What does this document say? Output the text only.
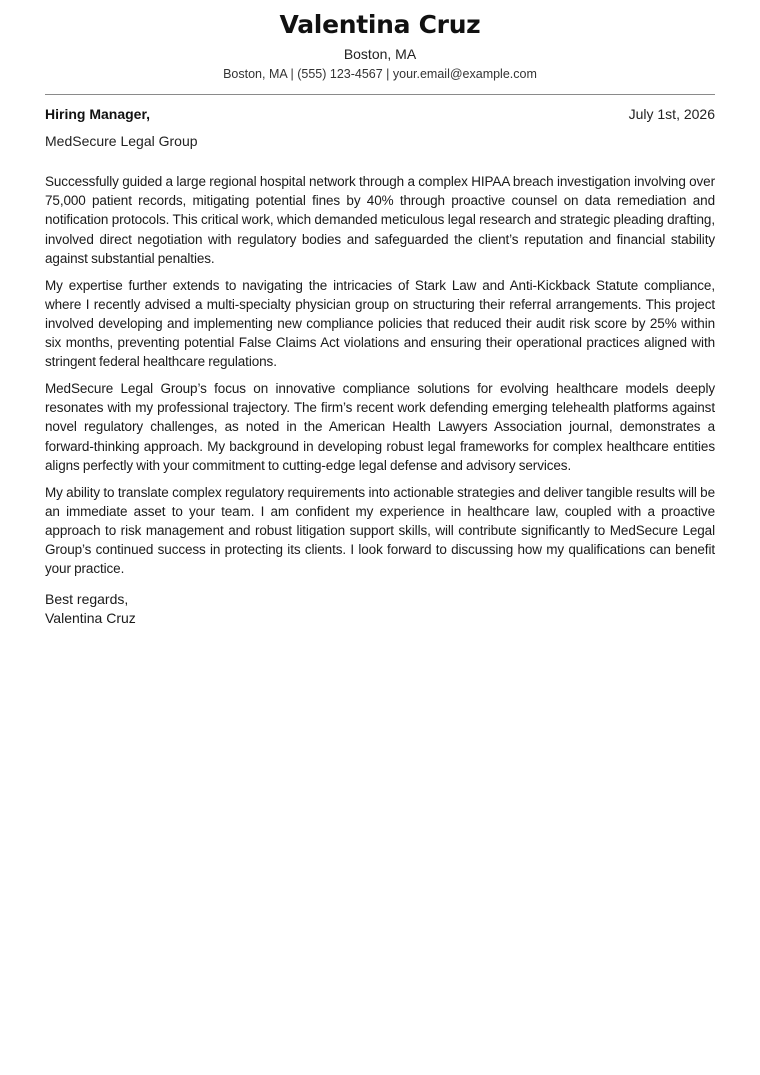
Valentina Cruz
Boston, MA
Boston, MA | (555) 123-4567 | your.email@example.com
Hiring Manager,	July 1st, 2026
MedSecure Legal Group

Successfully guided a large regional hospital network through a complex HIPAA breach investigation involving over 75,000 patient records, mitigating potential fines by 40% through proactive counsel on data remediation and notification protocols. This critical work, which demanded meticulous legal research and strategic pleading drafting, involved direct negotiation with regulatory bodies and safeguarded the client’s reputation and financial stability against substantial penalties.

My expertise further extends to navigating the intricacies of Stark Law and Anti-Kickback Statute compliance, where I recently advised a multi-specialty physician group on structuring their referral arrangements. This project involved developing and implementing new compliance policies that reduced their audit risk score by 25% within six months, preventing potential False Claims Act violations and ensuring their operational practices aligned with stringent federal healthcare regulations.

MedSecure Legal Group’s focus on innovative compliance solutions for evolving healthcare models deeply resonates with my professional trajectory. The firm’s recent work defending emerging telehealth platforms against novel regulatory challenges, as noted in the American Health Lawyers Association journal, demonstrates a forward-thinking approach. My background in developing robust legal frameworks for complex healthcare entities aligns perfectly with your commitment to cutting-edge legal defense and advisory services.

My ability to translate complex regulatory requirements into actionable strategies and deliver tangible results will be an immediate asset to your team. I am confident my experience in healthcare law, coupled with a proactive approach to risk management and robust litigation support skills, will contribute significantly to MedSecure Legal Group’s continued success in protecting its clients. I look forward to discussing how my qualifications can benefit your practice.

Best regards,
Valentina Cruz
